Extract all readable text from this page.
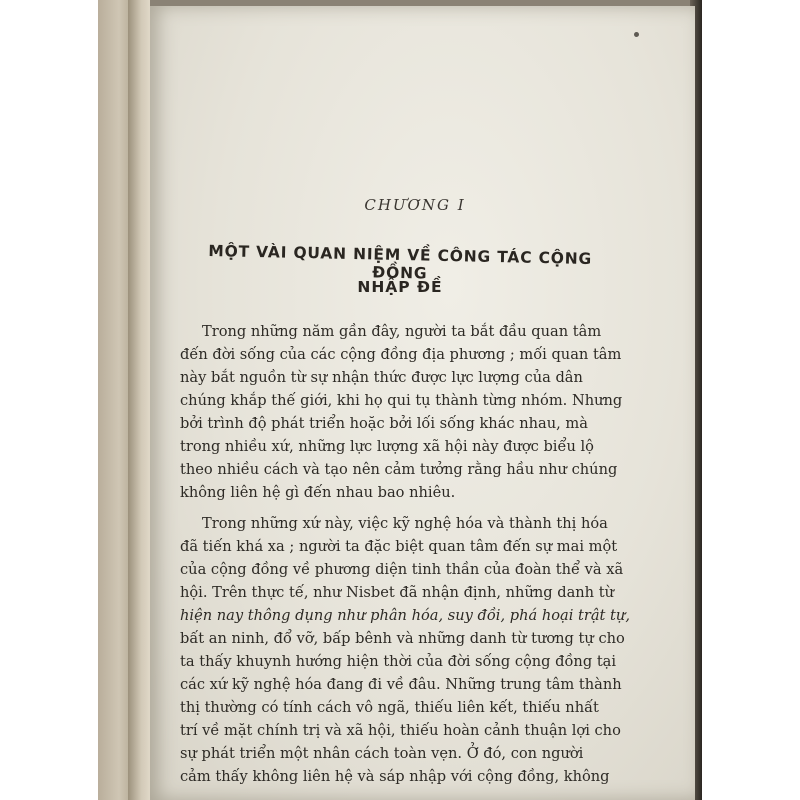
CHƯƠNG I
MỘT VÀI QUAN NIỆM VỀ CÔNG TÁC CỘNG ĐỒNG
NHẬP ĐỀ
Trong những năm gần đây, người ta bắt đầu quan tâm
đến đời sống của các cộng đồng địa phương ; mối quan tâm
này bắt nguồn từ sự nhận thức được lực lượng của dân
chúng khắp thế giới, khi họ qui tụ thành từng nhóm. Nhưng
bởi trình độ phát triển hoặc bởi lối sống khác nhau, mà
trong nhiều xứ, những lực lượng xã hội này được biểu lộ
theo nhiều cách và tạo nên cảm tưởng rằng hầu như chúng
không liên hệ gì đến nhau bao nhiêu.
Trong những xứ này, việc kỹ nghệ hóa và thành thị hóa
đã tiến khá xa ; người ta đặc biệt quan tâm đến sự mai một
của cộng đồng về phương diện tinh thần của đoàn thể và xã
hội. Trên thực tế, như Nisbet đã nhận định, những danh từ
hiện nay thông dụng như phân hóa, suy đồi, phá hoại trật tự,
bất an ninh, đổ vỡ, bấp bênh và những danh từ tương tự cho
ta thấy khuynh hướng hiện thời của đời sống cộng đồng tại
các xứ kỹ nghệ hóa đang đi về đâu. Những trung tâm thành
thị thường có tính cách vô ngã, thiếu liên kết, thiếu nhất
trí về mặt chính trị và xã hội, thiếu hoàn cảnh thuận lợi cho
sự phát triển một nhân cách toàn vẹn. Ở đó, con người
cảm thấy không liên hệ và sáp nhập với cộng đồng, không
